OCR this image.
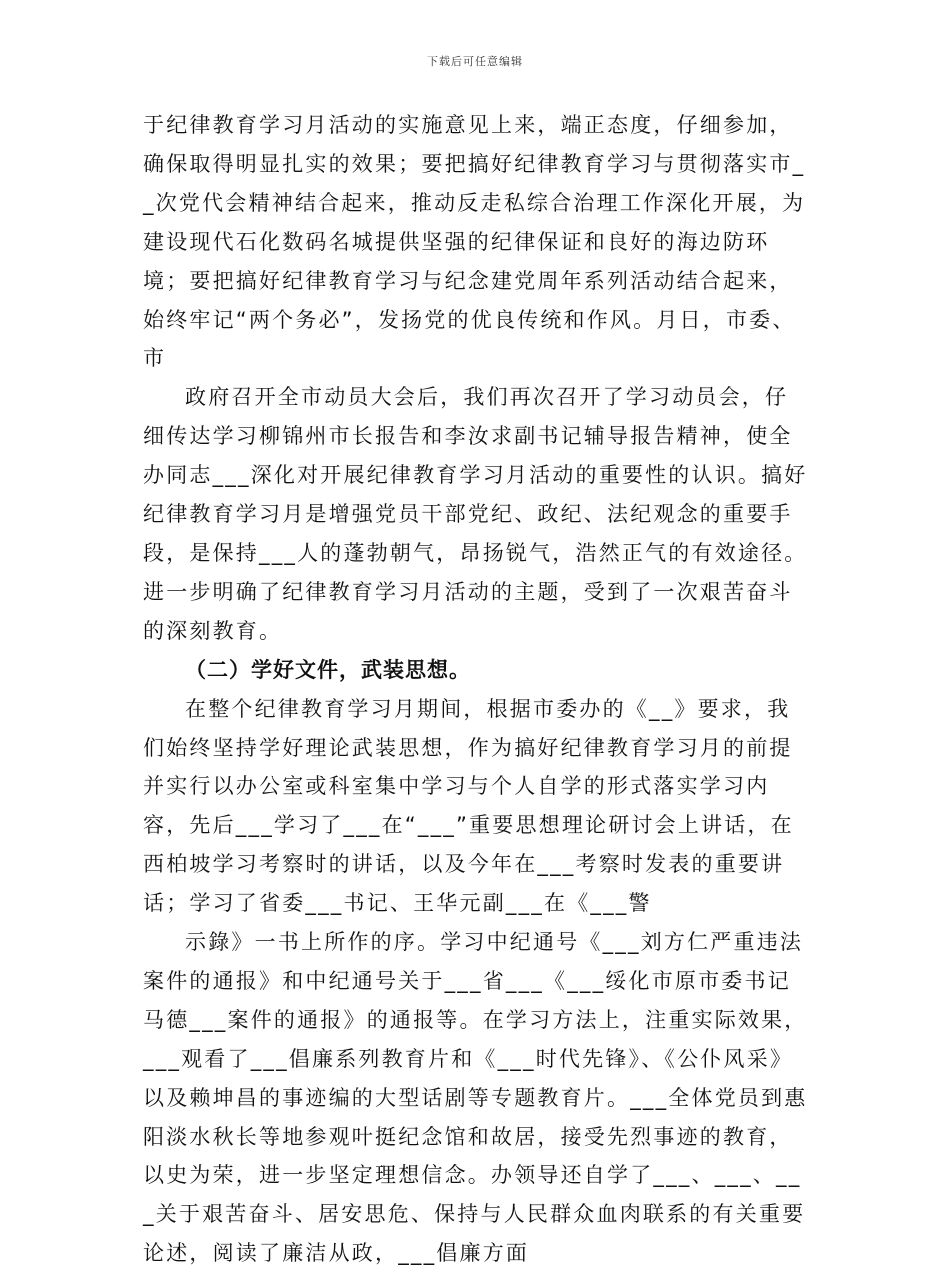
下载后可任意编辑

于纪律教育学习月活动的实施意见上来，端正态度，仔细参加，确保取得明显扎实的效果；要把搞好纪律教育学习与贯彻落实市__次党代会精神结合起来，推动反走私综合治理工作深化开展，为建设现代石化数码名城提供坚强的纪律保证和良好的海边防环境；要把搞好纪律教育学习与纪念建党周年系列活动结合起来，始终牢记“两个务必”，发扬党的优良传统和作风。月日，市委、市

政府召开全市动员大会后，我们再次召开了学习动员会，仔细传达学习柳锦州市长报告和李汝求副书记辅导报告精神，使全办同志___深化对开展纪律教育学习月活动的重要性的认识。搞好纪律教育学习月是增强党员干部党纪、政纪、法纪观念的重要手段，是保持___人的蓬勃朝气，昂扬锐气，浩然正气的有效途径。进一步明确了纪律教育学习月活动的主题，受到了一次艰苦奋斗的深刻教育。

（二）学好文件，武装思想。

在整个纪律教育学习月期间，根据市委办的《__》要求，我们始终坚持学好理论武装思想，作为搞好纪律教育学习月的前提并实行以办公室或科室集中学习与个人自学的形式落实学习内容，先后___学习了___在“___”重要思想理论研讨会上讲话，在西柏坡学习考察时的讲话，以及今年在___考察时发表的重要讲话；学习了省委___书记、王华元副___在《___警

示錄》一书上所作的序。学习中纪通号《___刘方仁严重违法案件的通报》和中纪通号关于___省___《___绥化市原市委书记马德___案件的通报》的通报等。在学习方法上，注重实际效果，___观看了___倡廉系列教育片和《___时代先锋》、《公仆风采》以及赖坤昌的事迹编的大型话剧等专题教育片。___全体党员到惠阳淡水秋长等地参观叶挺纪念馆和故居，接受先烈事迹的教育，以史为荣，进一步坚定理想信念。办领导还自学了___、___、___关于艰苦奋斗、居安思危、保持与人民群众血肉联系的有关重要论述，阅读了廉洁从政，___倡廉方面
